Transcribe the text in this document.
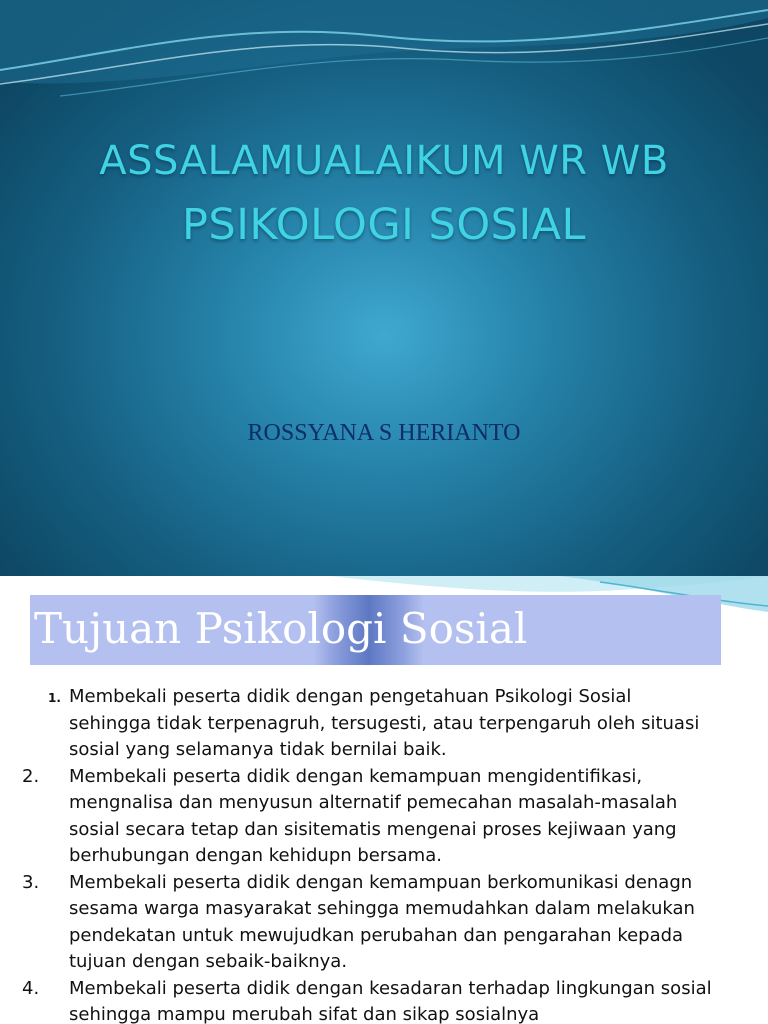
ASSALAMUALAIKUM WR WB
PSIKOLOGI SOSIAL
ROSSYANA S HERIANTO
Tujuan Psikologi Sosial
1. Membekali peserta didik dengan pengetahuan Psikologi Sosial sehingga tidak terpenagruh, tersugesti, atau terpengaruh oleh situasi sosial yang selamanya tidak bernilai baik.
2. Membekali peserta didik dengan kemampuan mengidentifikasi, mengnalisa dan menyusun alternatif pemecahan masalah-masalah sosial secara tetap dan sisitematis mengenai proses kejiwaan yang berhubungan dengan kehidupn bersama.
3. Membekali peserta didik dengan kemampuan berkomunikasi denagn sesama warga masyarakat sehingga memudahkan dalam melakukan pendekatan untuk mewujudkan perubahan dan pengarahan kepada tujuan dengan sebaik-baiknya.
4. Membekali peserta didik dengan kesadaran terhadap lingkungan sosial sehingga mampu merubah sifat dan sikap sosialnya
